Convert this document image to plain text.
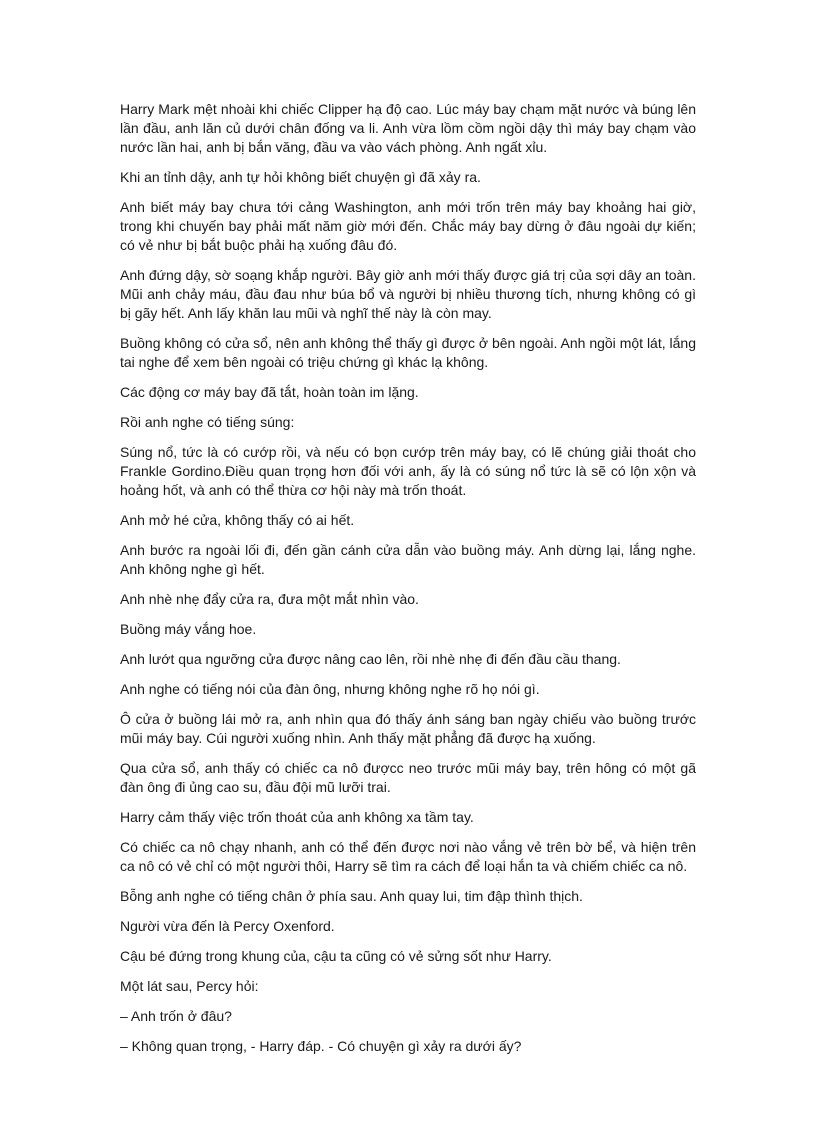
Harry Mark mệt nhoài khi chiếc Clipper hạ độ cao. Lúc máy bay chạm mặt nước và búng lên lần đầu, anh lăn củ dưới chân đống va li. Anh vừa lồm cồm ngồi dậy thì máy bay chạm vào nước lần hai, anh bị bắn văng, đầu va vào vách phòng. Anh ngất xỉu.

Khi an tỉnh dậy, anh tự hỏi không biết chuyện gì đã xảy ra.

Anh biết máy bay chưa tới cảng Washington, anh mới trốn trên máy bay khoảng hai giờ, trong khi chuyến bay phải mất năm giờ mới đến. Chắc máy bay dừng ở đâu ngoài dự kiến; có vẻ như bị bắt buộc phải hạ xuống đâu đó.

Anh đứng dậy, sờ soạng khắp người. Bây giờ anh mới thấy được giá trị của sợi dây an toàn. Mũi anh chảy máu, đầu đau như búa bổ và người bị nhiều thương tích, nhưng không có gì bị gãy hết. Anh lấy khăn lau mũi và nghĩ thế này là còn may.

Buồng không có cửa sổ, nên anh không thể thấy gì được ở bên ngoài. Anh ngồi một lát, lắng tai nghe để xem bên ngoài có triệu chứng gì khác lạ không.

Các động cơ máy bay đã tắt, hoàn toàn im lặng.

Rồi anh nghe có tiếng súng:

Súng nổ, tức là có cướp rồi, và nếu có bọn cướp trên máy bay, có lẽ chúng giải thoát cho Frankle Gordino.Điều quan trọng hơn đối với anh, ấy là có súng nổ tức là sẽ có lộn xộn và hoảng hốt, và anh có thể thừa cơ hội này mà trốn thoát.

Anh mở hé cửa, không thấy có ai hết.

Anh bước ra ngoài lối đi, đến gần cánh cửa dẫn vào buồng máy. Anh dừng lại, lắng nghe. Anh không nghe gì hết.

Anh nhè nhẹ đẩy cửa ra, đưa một mắt nhìn vào.

Buồng máy vắng hoe.

Anh lướt qua ngưỡng cửa được nâng cao lên, rồi nhè nhẹ đi đến đầu cầu thang.

Anh nghe có tiếng nói của đàn ông, nhưng không nghe rõ họ nói gì.

Ô cửa ở buồng lái mở ra, anh nhìn qua đó thấy ánh sáng ban ngày chiếu vào buồng trước mũi máy bay. Cúi người xuống nhìn. Anh thấy mặt phẳng đã được hạ xuống.

Qua cửa sổ, anh thấy có chiếc ca nô đượcc neo trước mũi máy bay, trên hông có một gã đàn ông đi ủng cao su, đầu đội mũ lưỡi trai.

Harry cảm thấy việc trốn thoát của anh không xa tầm tay.

Có chiếc ca nô chạy nhanh, anh có thể đến được nơi nào vắng vẻ trên bờ bể, và hiện trên ca nô có vẻ chỉ có một người thôi, Harry sẽ tìm ra cách để loại hắn ta và chiếm chiếc ca nô.

Bỗng anh nghe có tiếng chân ở phía sau. Anh quay lui, tim đập thình thịch.

Người vừa đến là Percy Oxenford.

Cậu bé đứng trong khung của, cậu ta cũng có vẻ sửng sốt như Harry.

Một lát sau, Percy hỏi:

– Anh trốn ở đâu?

– Không quan trọng, - Harry đáp. - Có chuyện gì xảy ra dưới ấy?
